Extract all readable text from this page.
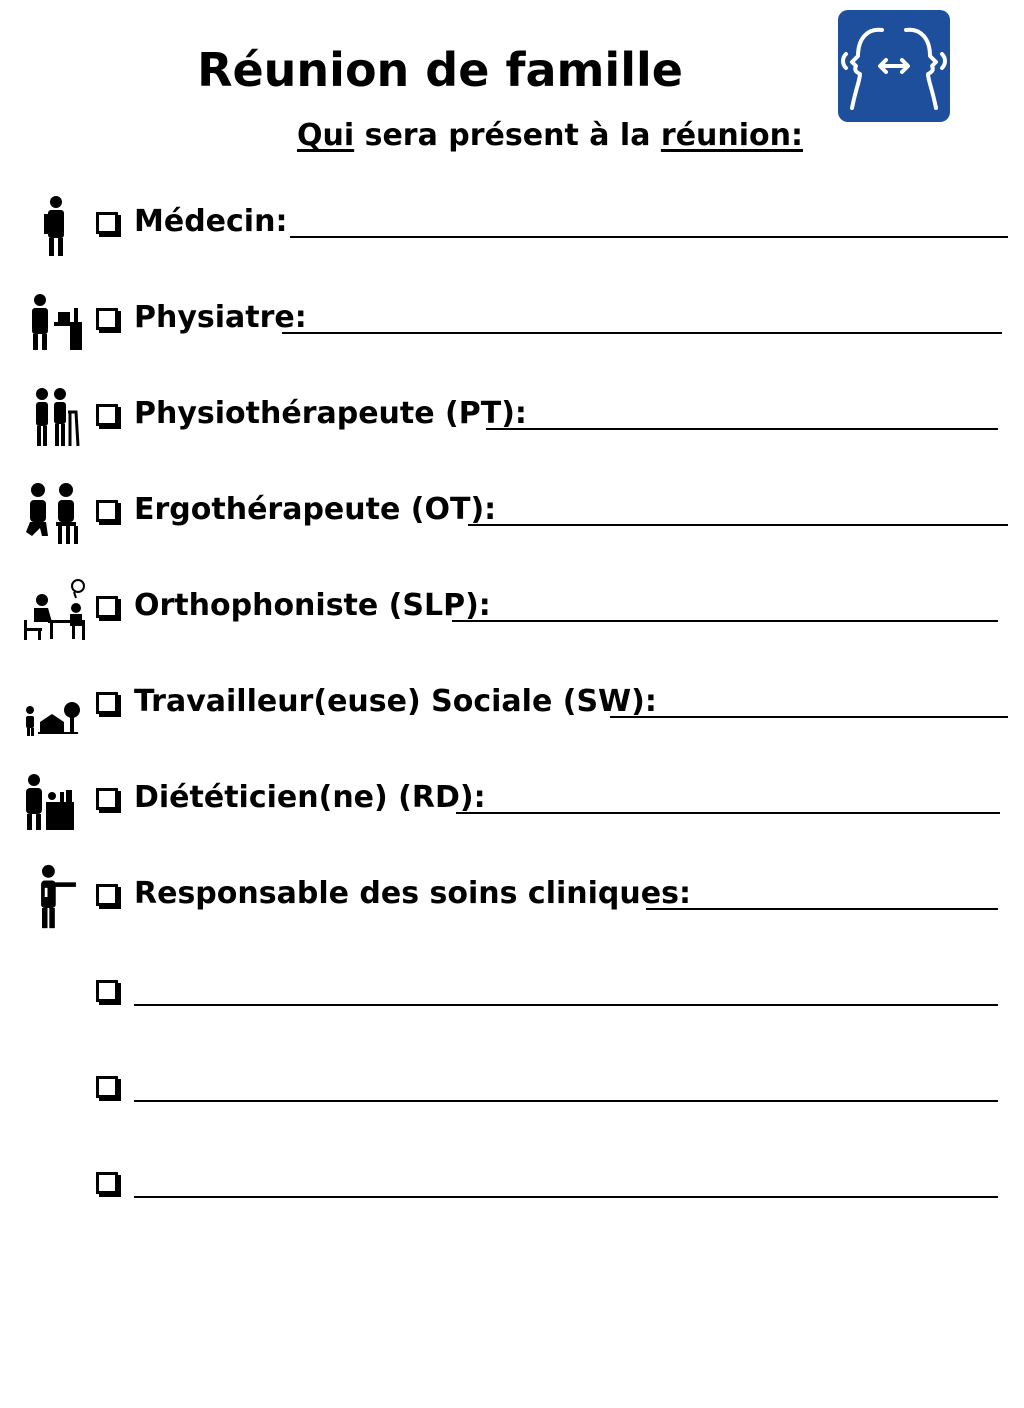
Réunion de famille
Qui sera présent à la réunion:
Médecin:
Physiatre:
Physiothérapeute (PT):
Ergothérapeute (OT):
Orthophoniste (SLP):
Travailleur(euse) Sociale (SW):
Diététicien(ne) (RD):
Responsable des soins cliniques:
